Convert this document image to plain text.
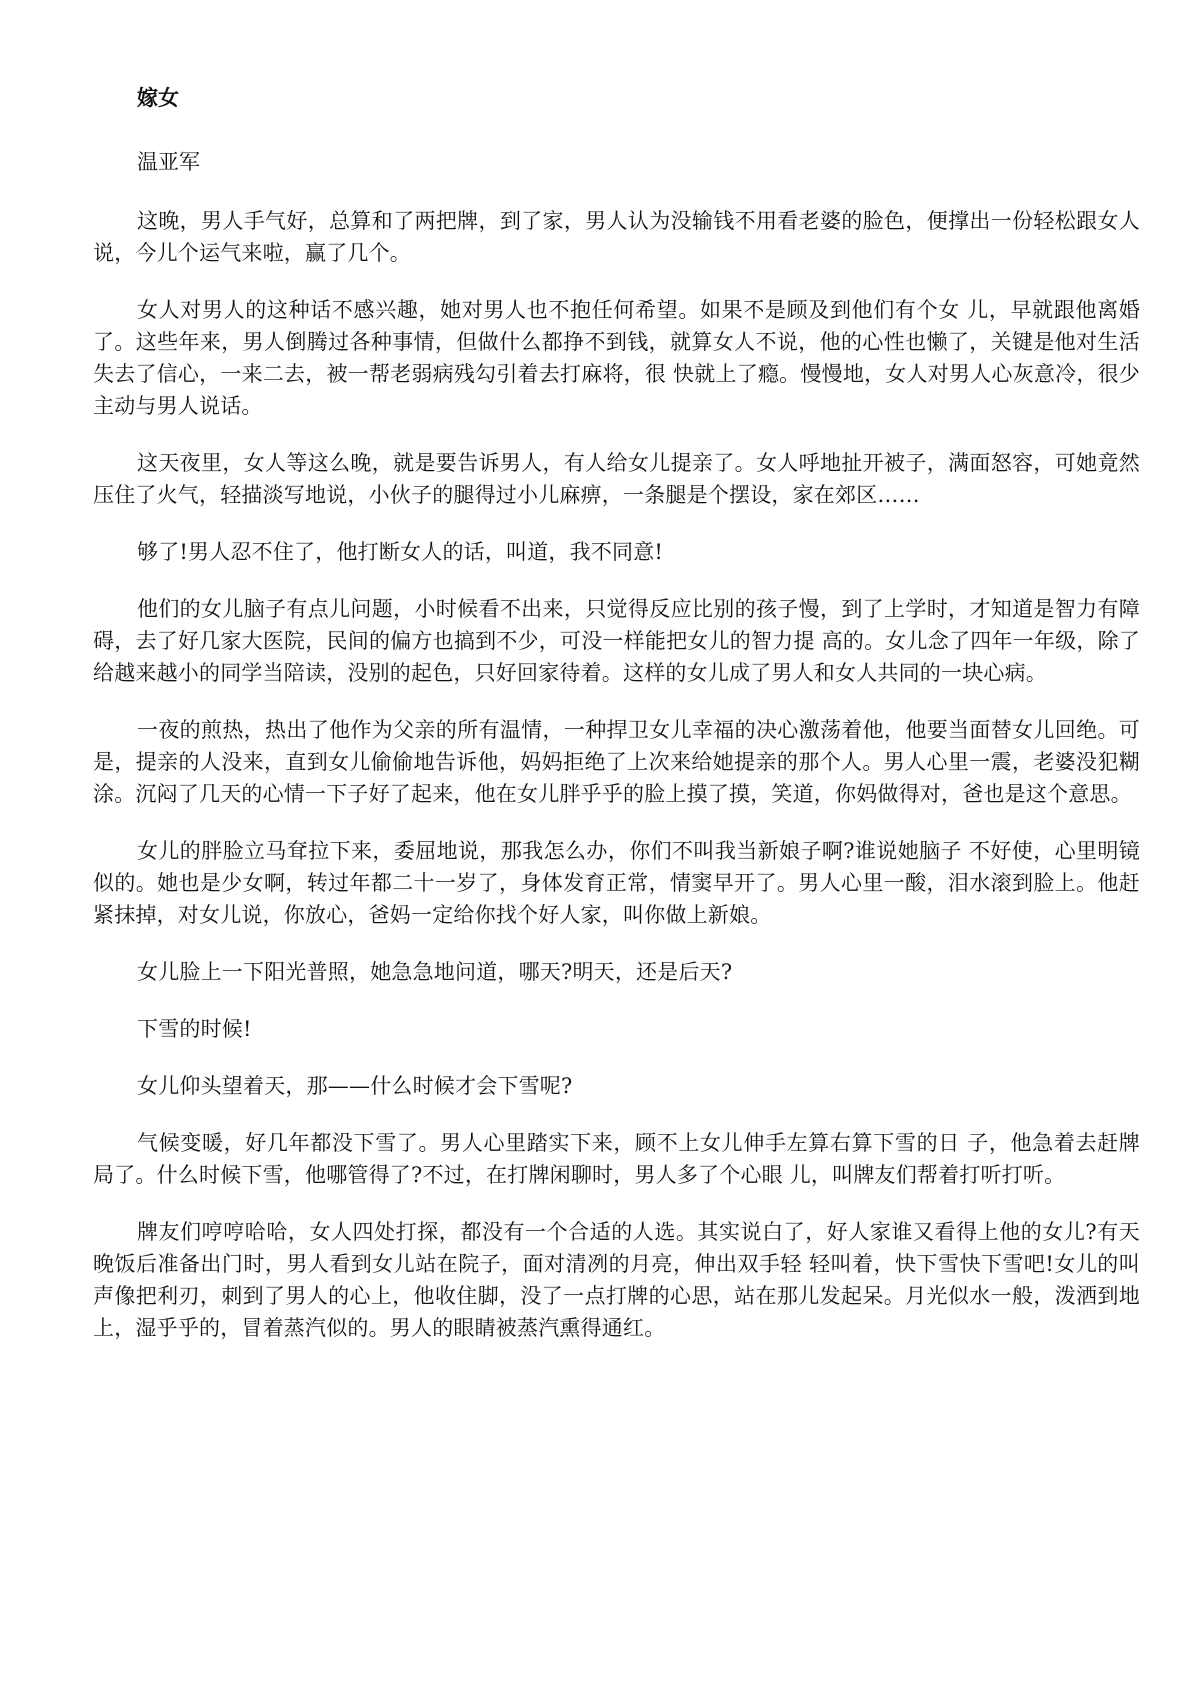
嫁女
温亚军

这晚，男人手气好，总算和了两把牌，到了家，男人认为没输钱不用看老婆的脸色，便撑出一份轻松跟女人说，今儿个运气来啦，赢了几个。

女人对男人的这种话不感兴趣，她对男人也不抱任何希望。如果不是顾及到他们有个女 儿，早就跟他离婚了。这些年来，男人倒腾过各种事情，但做什么都挣不到钱，就算女人不说，他的心性也懒了，关键是他对生活失去了信心，一来二去，被一帮老弱病残勾引着去打麻将，很 快就上了瘾。慢慢地，女人对男人心灰意冷，很少主动与男人说话。

这天夜里，女人等这么晚，就是要告诉男人，有人给女儿提亲了。女人呼地扯开被子，满面怒容，可她竟然压住了火气，轻描淡写地说，小伙子的腿得过小儿麻痹，一条腿是个摆设，家在郊区……

够了!男人忍不住了，他打断女人的话，叫道，我不同意!

他们的女儿脑子有点儿问题，小时候看不出来，只觉得反应比别的孩子慢，到了上学时，才知道是智力有障碍，去了好几家大医院，民间的偏方也搞到不少，可没一样能把女儿的智力提 高的。女儿念了四年一年级，除了给越来越小的同学当陪读，没别的起色，只好回家待着。这样的女儿成了男人和女人共同的一块心病。

一夜的煎热，热出了他作为父亲的所有温情，一种捍卫女儿幸福的决心激荡着他，他要当面替女儿回绝。可是，提亲的人没来，直到女儿偷偷地告诉他，妈妈拒绝了上次来给她提亲的那个人。男人心里一震，老婆没犯糊涂。沉闷了几天的心情一下子好了起来，他在女儿胖乎乎的脸上摸了摸，笑道，你妈做得对，爸也是这个意思。

女儿的胖脸立马耷拉下来，委屈地说，那我怎么办，你们不叫我当新娘子啊?谁说她脑子 不好使，心里明镜似的。她也是少女啊，转过年都二十一岁了，身体发育正常，情窦早开了。男人心里一酸，泪水滚到脸上。他赶紧抹掉，对女儿说，你放心，爸妈一定给你找个好人家，叫你做上新娘。

女儿脸上一下阳光普照，她急急地问道，哪天?明天，还是后天?

下雪的时候!

女儿仰头望着天，那——什么时候才会下雪呢?

气候变暖，好几年都没下雪了。男人心里踏实下来，顾不上女儿伸手左算右算下雪的日 子，他急着去赶牌局了。什么时候下雪，他哪管得了?不过，在打牌闲聊时，男人多了个心眼 儿，叫牌友们帮着打听打听。

牌友们哼哼哈哈，女人四处打探，都没有一个合适的人选。其实说白了，好人家谁又看得上他的女儿?有天晚饭后准备出门时，男人看到女儿站在院子，面对清冽的月亮，伸出双手轻 轻叫着，快下雪快下雪吧!女儿的叫声像把利刃，刺到了男人的心上，他收住脚，没了一点打牌的心思，站在那儿发起呆。月光似水一般，泼洒到地上，湿乎乎的，冒着蒸汽似的。男人的眼睛被蒸汽熏得通红。
